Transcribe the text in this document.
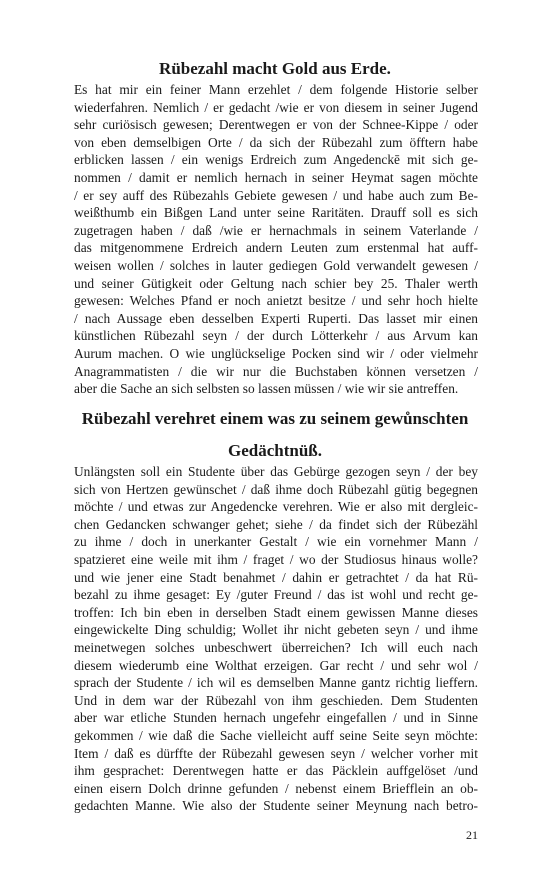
Rübezahl macht Gold aus Erde.
Es hat mir ein feiner Mann erzehlet / dem folgende Historie selber
wiederfahren. Nemlich / er gedacht /wie er von diesem in seiner Jugend
sehr curiösisch gewesen; Derentwegen er von der Schnee-Kippe / oder
von eben demselbigen Orte / da sich der Rübezahl zum öfftern habe
erblicken lassen / ein wenigs Erdreich zum Angedenckē mit sich ge-
nommen / damit er nemlich hernach in seiner Heymat sagen möchte
/ er sey auff des Rübezahls Gebiete gewesen / und habe auch zum Be-
weißthumb ein Bißgen Land unter seine Raritäten. Drauff soll es sich
zugetragen haben / daß /wie er hernachmals in seinem Vaterlande /
das mitgenommene Erdreich andern Leuten zum erstenmal hat auff-
weisen wollen / solches in lauter gediegen Gold verwandelt gewesen /
und seiner Gütigkeit oder Geltung nach schier bey 25. Thaler werth
gewesen: Welches Pfand er noch anietzt besitze / und sehr hoch hielte
/ nach Aussage eben desselben Experti Ruperti. Das lasset mir einen
künstlichen Rübezahl seyn / der durch Lötterkehr / aus Arvum kan
Aurum machen. O wie unglückselige Pocken sind wir / oder vielmehr
Anagrammatisten / die wir nur die Buchstaben können versetzen /
aber die Sache an sich selbsten so lassen müssen / wie wir sie antreffen.
Rübezahl verehret einem was zu seinem gewůnschten
Gedächtnüß.
Unlängsten soll ein Studente über das Gebürge gezogen seyn / der bey
sich von Hertzen gewünschet / daß ihme doch Rübezahl gütig begegnen
möchte / und etwas zur Angedencke verehren. Wie er also mit dergleic-
chen Gedancken schwanger gehet; siehe / da findet sich der Rübezähl
zu ihme / doch in unerkanter Gestalt / wie ein vornehmer Mann /
spatzieret eine weile mit ihm / fraget / wo der Studiosus hinaus wolle?
und wie jener eine Stadt benahmet / dahin er getrachtet / da hat Rü-
bezahl zu ihme gesaget: Ey /guter Freund / das ist wohl und recht ge-
troffen: Ich bin eben in derselben Stadt einem gewissen Manne dieses
eingewickelte Ding schuldig; Wollet ihr nicht gebeten seyn / und ihme
meinetwegen solches unbeschwert überreichen? Ich will euch nach
diesem wiederumb eine Wolthat erzeigen. Gar recht / und sehr wol /
sprach der Studente / ich wil es demselben Manne gantz richtig lieffern.
Und in dem war der Rübezahl von ihm geschieden. Dem Studenten
aber war etliche Stunden hernach ungefehr eingefallen / und in Sinne
gekommen / wie daß die Sache vielleicht auff seine Seite seyn möchte:
Item / daß es dürffte der Rübezahl gewesen seyn / welcher vorher mit
ihm gesprachet: Derentwegen hatte er das Päcklein auffgelöset /und
einen eisern Dolch drinne gefunden / nebenst einem Briefflein an ob-
gedachten Manne. Wie also der Studente seiner Meynung nach betro-
21
